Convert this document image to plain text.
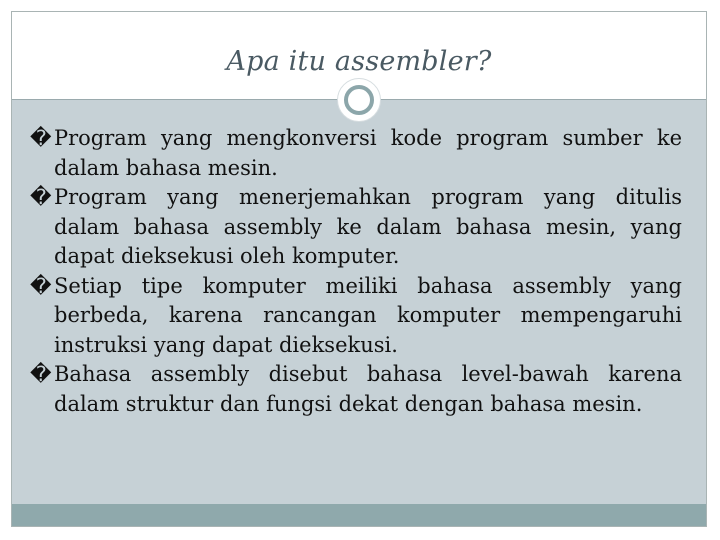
Apa itu assembler?
� Program yang mengkonversi kode program sumber ke dalam bahasa mesin.
� Program yang menerjemahkan program yang ditulis dalam bahasa assembly ke dalam bahasa mesin, yang dapat dieksekusi oleh komputer.
� Setiap tipe komputer meiliki bahasa assembly yang berbeda, karena rancangan komputer mempengaruhi instruksi yang dapat dieksekusi.
� Bahasa assembly disebut bahasa level-bawah karena dalam struktur dan fungsi dekat dengan bahasa mesin.
